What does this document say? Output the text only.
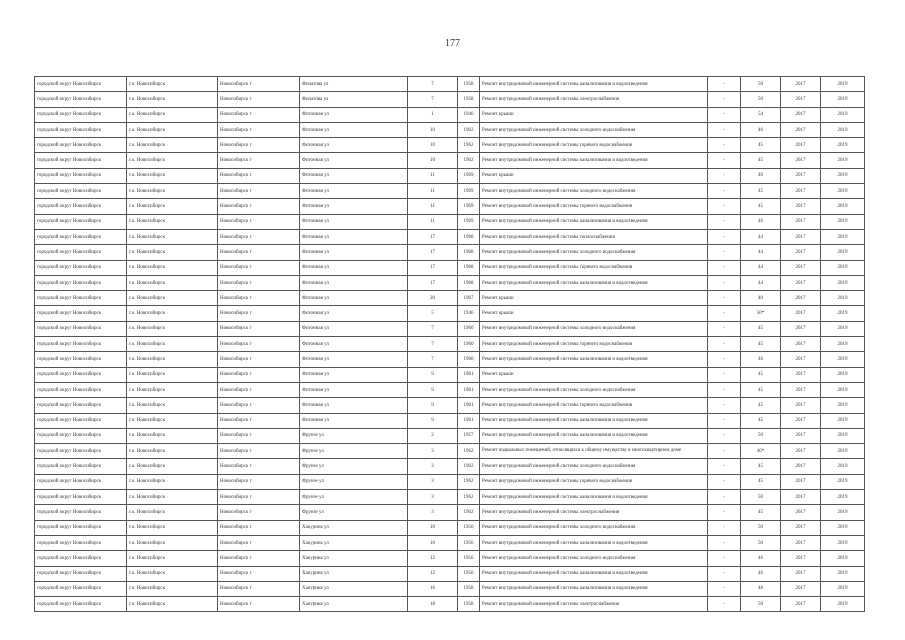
177
городской округ Новосибирск	г.о. Новосибирск	Новосибирск г	Филатова ул	7	1958	Ремонт внутридомовой инженерной системы канализования и водоотведения	-	50	2017	2019
городской округ Новосибирск	г.о. Новосибирск	Новосибирск г	Филатова ул	7	1958	Ремонт внутридомовой инженерной системы электроснабжения	-	50	2017	2019
городской округ Новосибирск	г.о. Новосибирск	Новосибирск г	Фотонная ул	1	1946	Ремонт крыши	-	54	2017	2019
городской округ Новосибирск	г.о. Новосибирск	Новосибирск г	Фотонная ул	10	1962	Ремонт внутридомовой инженерной системы холодного водоснабжения	-	46	2017	2019
городской округ Новосибирск	г.о. Новосибирск	Новосибирск г	Фотонная ул	10	1962	Ремонт внутридомовой инженерной системы горячего водоснабжения	-	45	2017	2019
городской округ Новосибирск	г.о. Новосибирск	Новосибирск г	Фотонная ул	10	1962	Ремонт внутридомовой инженерной системы канализования и водоотведения	-	45	2017	2019
городской округ Новосибирск	г.о. Новосибирск	Новосибирск г	Фотонная ул	11	1969	Ремонт крыши	-	40	2017	2019
городской округ Новосибирск	г.о. Новосибирск	Новосибирск г	Фотонная ул	11	1969	Ремонт внутридомовой инженерной системы холодного водоснабжения	-	45	2017	2019
городской округ Новосибирск	г.о. Новосибирск	Новосибирск г	Фотонная ул	11	1969	Ремонт внутридомовой инженерной системы горячего водоснабжения	-	45	2017	2019
городской округ Новосибирск	г.о. Новосибирск	Новосибирск г	Фотонная ул	11	1969	Ремонт внутридомовой инженерной системы канализования и водоотведения	-	46	2017	2019
городской округ Новосибирск	г.о. Новосибирск	Новосибирск г	Фотонная ул	17	1968	Ремонт внутридомовой инженерной системы теплоснабжения	-	44	2017	2019
городской округ Новосибирск	г.о. Новосибирск	Новосибирск г	Фотонная ул	17	1968	Ремонт внутридомовой инженерной системы холодного водоснабжения	-	44	2017	2019
городской округ Новосибирск	г.о. Новосибирск	Новосибирск г	Фотонная ул	17	1968	Ремонт внутридомовой инженерной системы горячего водоснабжения	-	44	2017	2019
городской округ Новосибирск	г.о. Новосибирск	Новосибирск г	Фотонная ул	17	1968	Ремонт внутридомовой инженерной системы канализования и водоотведения	-	44	2017	2019
городской округ Новосибирск	г.о. Новосибирск	Новосибирск г	Фотонная ул	20	1967	Ремонт крыши	-	40	2017	2019
городской округ Новосибирск	г.о. Новосибирск	Новосибирск г	Фотонная ул	5	1946	Ремонт крыши	-	50*	2017	2019
городской округ Новосибирск	г.о. Новосибирск	Новосибирск г	Фотонная ул	7	1960	Ремонт внутридомовой инженерной системы холодного водоснабжения	-	45	2017	2019
городской округ Новосибирск	г.о. Новосибирск	Новосибирск г	Фотонная ул	7	1960	Ремонт внутридомовой инженерной системы горячего водоснабжения	-	45	2017	2019
городской округ Новосибирск	г.о. Новосибирск	Новосибирск г	Фотонная ул	7	1960	Ремонт внутридомовой инженерной системы канализования и водоотведения	-	46	2017	2019
городской округ Новосибирск	г.о. Новосибирск	Новосибирск г	Фотонная ул	9	1961	Ремонт крыши	-	45	2017	2019
городской округ Новосибирск	г.о. Новосибирск	Новосибирск г	Фотонная ул	9	1961	Ремонт внутридомовой инженерной системы холодного водоснабжения	-	45	2017	2019
городской округ Новосибирск	г.о. Новосибирск	Новосибирск г	Фотонная ул	9	1961	Ремонт внутридомовой инженерной системы горячего водоснабжения	-	45	2017	2019
городской округ Новосибирск	г.о. Новосибирск	Новосибирск г	Фотонная ул	9	1961	Ремонт внутридомовой инженерной системы канализования и водоотведения	-	45	2017	2019
городской округ Новосибирск	г.о. Новосибирск	Новосибирск г	Фрунзе ул	2	1957	Ремонт внутридомовой инженерной системы канализования и водоотведения	-	50	2017	2019
городской округ Новосибирск	г.о. Новосибирск	Новосибирск г	Фрунзе ул	3	1962	Ремонт подвальных помещений, относящихся к общему имуществу в многоквартирном доме	-	46*	2017	2019
городской округ Новосибирск	г.о. Новосибирск	Новосибирск г	Фрунзе ул	3	1962	Ремонт внутридомовой инженерной системы холодного водоснабжения	-	45	2017	2019
городской округ Новосибирск	г.о. Новосибирск	Новосибирск г	Фрунзе ул	3	1962	Ремонт внутридомовой инженерной системы горячего водоснабжения	-	45	2017	2019
городской округ Новосибирск	г.о. Новосибирск	Новосибирск г	Фрунзе ул	3	1962	Ремонт внутридомовой инженерной системы канализования и водоотведения	-	50	2017	2019
городской округ Новосибирск	г.о. Новосибирск	Новосибирск г	Фрунзе ул	3	1962	Ремонт внутридомовой инженерной системы электроснабжения	-	45	2017	2019
городской округ Новосибирск	г.о. Новосибирск	Новосибирск г	Хакурина ул	10	1956	Ремонт внутридомовой инженерной системы холодного водоснабжения	-	50	2017	2019
городской округ Новосибирск	г.о. Новосибирск	Новосибирск г	Хакурина ул	10	1956	Ремонт внутридомовой инженерной системы канализования и водоотведения	-	50	2017	2019
городской округ Новосибирск	г.о. Новосибирск	Новосибирск г	Хакурина ул	12	1956	Ремонт внутридомовой инженерной системы холодного водоснабжения	-	46	2017	2019
городской округ Новосибирск	г.о. Новосибирск	Новосибирск г	Хакурина ул	12	1956	Ремонт внутридомовой инженерной системы канализования и водоотведения	-	46	2017	2019
городской округ Новосибирск	г.о. Новосибирск	Новосибирск г	Хакурина ул	16	1958	Ремонт внутридомовой инженерной системы канализования и водоотведения	-	48	2017	2019
городской округ Новосибирск	г.о. Новосибирск	Новосибирск г	Хакурина ул	18	1958	Ремонт внутридомовой инженерной системы электроснабжения	-	50	2017	2019
